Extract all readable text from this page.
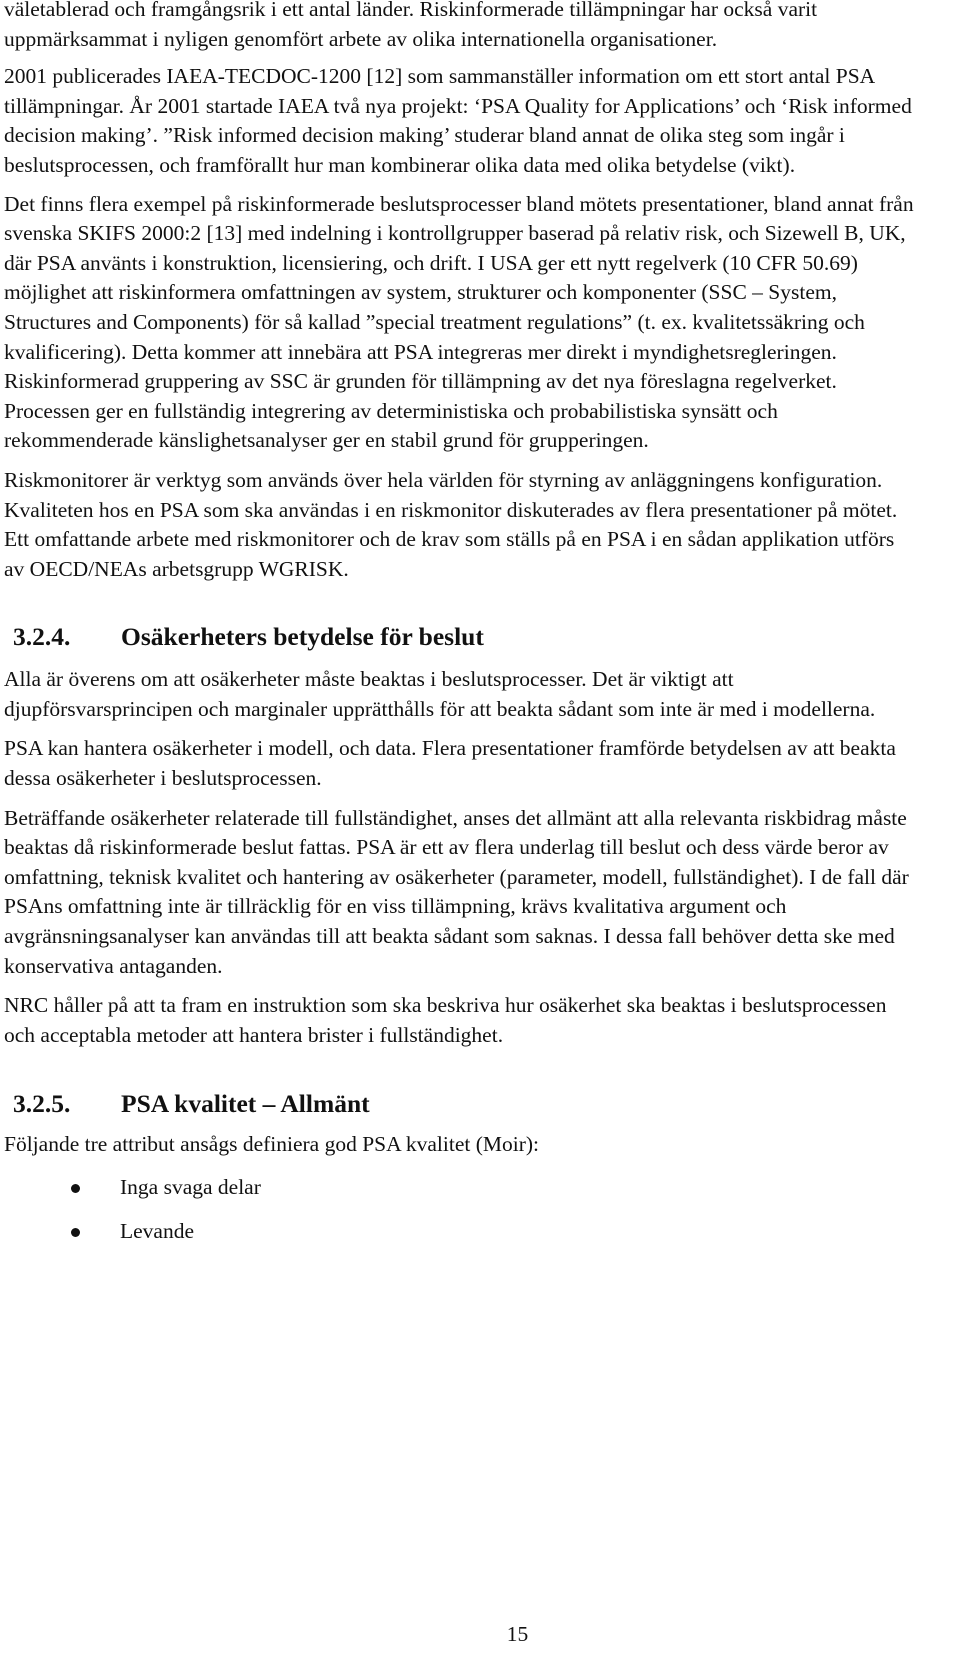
väletablerad och framgångsrik i ett antal länder. Riskinformerade tillämpningar har också varit uppmärksammat i nyligen genomfört arbete av olika internationella organisationer.

2001 publicerades IAEA-TECDOC-1200 [12] som sammanställer information om ett stort antal PSA tillämpningar. År 2001 startade IAEA två nya projekt: ‘PSA Quality for Applications’ och ‘Risk informed decision making’. ”Risk informed decision making’ studerar bland annat de olika steg som ingår i beslutsprocessen, och framförallt hur man kombinerar olika data med olika betydelse (vikt).

Det finns flera exempel på riskinformerade beslutsprocesser bland mötets presentationer, bland annat från svenska SKIFS 2000:2 [13] med indelning i kontrollgrupper baserad på relativ risk, och Sizewell B, UK, där PSA använts i konstruktion, licensiering, och drift. I USA ger ett nytt regelverk (10 CFR 50.69) möjlighet att riskinformera omfattningen av system, strukturer och komponenter (SSC – System, Structures and Components) för så kallad ”special treatment regulations” (t. ex. kvalitetssäkring och kvalificering). Detta kommer att innebära att PSA integreras mer direkt i myndighetsregleringen. Riskinformerad gruppering av SSC är grunden för tillämpning av det nya föreslagna regelverket. Processen ger en fullständig integrering av deterministiska och probabilistiska synsätt och rekommenderade känslighetsanalyser ger en stabil grund för grupperingen.

Riskmonitorer är verktyg som används över hela världen för styrning av anläggningens konfiguration. Kvaliteten hos en PSA som ska användas i en riskmonitor diskuterades av flera presentationer på mötet. Ett omfattande arbete med riskmonitorer och de krav som ställs på en PSA i en sådan applikation utförs av OECD/NEAs arbetsgrupp WGRISK.

3.2.4.	Osäkerheters betydelse för beslut

Alla är överens om att osäkerheter måste beaktas i beslutsprocesser. Det är viktigt att djupförsvarsprincipen och marginaler upprätthålls för att beakta sådant som inte är med i modellerna.

PSA kan hantera osäkerheter i modell, och data. Flera presentationer framförde betydelsen av att beakta dessa osäkerheter i beslutsprocessen.

Beträffande osäkerheter relaterade till fullständighet, anses det allmänt att alla relevanta riskbidrag måste beaktas då riskinformerade beslut fattas. PSA är ett av flera underlag till beslut och dess värde beror av omfattning, teknisk kvalitet och hantering av osäkerheter (parameter, modell, fullständighet). I de fall där PSAns omfattning inte är tillräcklig för en viss tillämpning, krävs kvalitativa argument och avgränsningsanalyser kan användas till att beakta sådant som saknas. I dessa fall behöver detta ske med konservativa antaganden.

NRC håller på att ta fram en instruktion som ska beskriva hur osäkerhet ska beaktas i beslutsprocessen och acceptabla metoder att hantera brister i fullständighet.

3.2.5.	PSA kvalitet – Allmänt

Följande tre attribut ansågs definiera god PSA kvalitet (Moir):

Inga svaga delar
Levande
15
